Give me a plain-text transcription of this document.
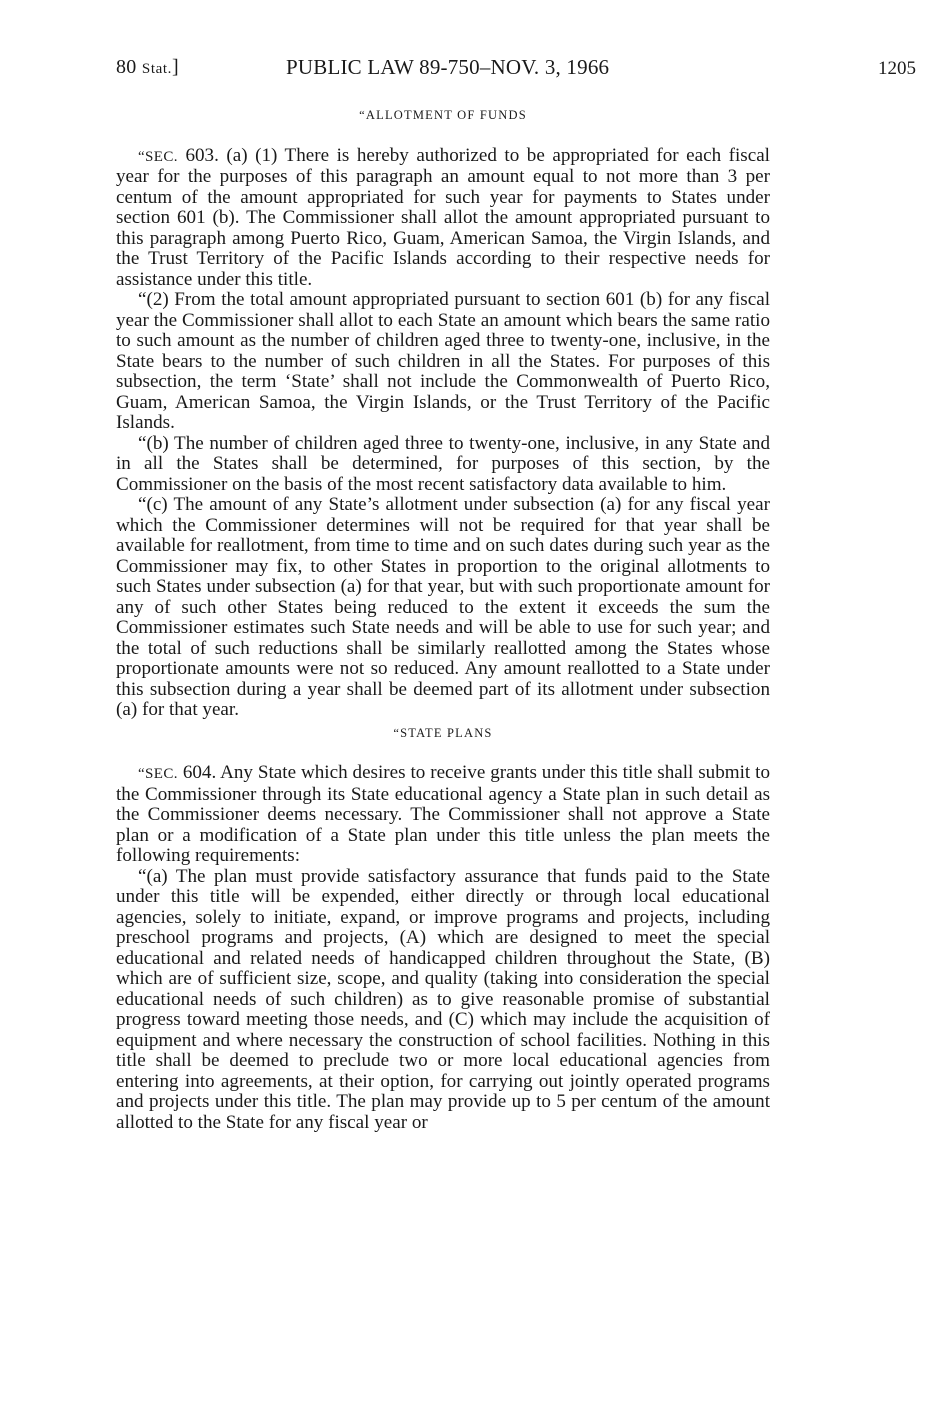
80 Stat.]	PUBLIC LAW 89-750–NOV. 3, 1966	1205
“ALLOTMENT OF FUNDS

“SEC. 603. (a) (1) There is hereby authorized to be appropriated for each fiscal year for the purposes of this paragraph an amount equal to not more than 3 per centum of the amount appropriated for such year for payments to States under section 601 (b). The Commissioner shall allot the amount appropriated pursuant to this paragraph among Puerto Rico, Guam, American Samoa, the Virgin Islands, and the Trust Territory of the Pacific Islands according to their respective needs for assistance under this title.

“(2) From the total amount appropriated pursuant to section 601 (b) for any fiscal year the Commissioner shall allot to each State an amount which bears the same ratio to such amount as the number of children aged three to twenty-one, inclusive, in the State bears to the number of such children in all the States. For purposes of this subsection, the term ‘State’ shall not include the Commonwealth of Puerto Rico, Guam, American Samoa, the Virgin Islands, or the Trust Territory of the Pacific Islands.

“(b) The number of children aged three to twenty-one, inclusive, in any State and in all the States shall be determined, for purposes of this section, by the Commissioner on the basis of the most recent satisfactory data available to him.

“(c) The amount of any State’s allotment under subsection (a) for any fiscal year which the Commissioner determines will not be required for that year shall be available for reallotment, from time to time and on such dates during such year as the Commissioner may fix, to other States in proportion to the original allotments to such States under subsection (a) for that year, but with such proportionate amount for any of such other States being reduced to the extent it exceeds the sum the Commissioner estimates such State needs and will be able to use for such year; and the total of such reductions shall be similarly reallotted among the States whose proportionate amounts were not so reduced. Any amount reallotted to a State under this subsection during a year shall be deemed part of its allotment under subsection (a) for that year.

“STATE PLANS

“SEC. 604. Any State which desires to receive grants under this title shall submit to the Commissioner through its State educational agency a State plan in such detail as the Commissioner deems necessary. The Commissioner shall not approve a State plan or a modification of a State plan under this title unless the plan meets the following requirements:

“(a) The plan must provide satisfactory assurance that funds paid to the State under this title will be expended, either directly or through local educational agencies, solely to initiate, expand, or improve programs and projects, including preschool programs and projects, (A) which are designed to meet the special educational and related needs of handicapped children throughout the State, (B) which are of sufficient size, scope, and quality (taking into consideration the special educational needs of such children) as to give reasonable promise of substantial progress toward meeting those needs, and (C) which may include the acquisition of equipment and where necessary the construction of school facilities. Nothing in this title shall be deemed to preclude two or more local educational agencies from entering into agreements, at their option, for carrying out jointly operated programs and projects under this title. The plan may provide up to 5 per centum of the amount allotted to the State for any fiscal year or
